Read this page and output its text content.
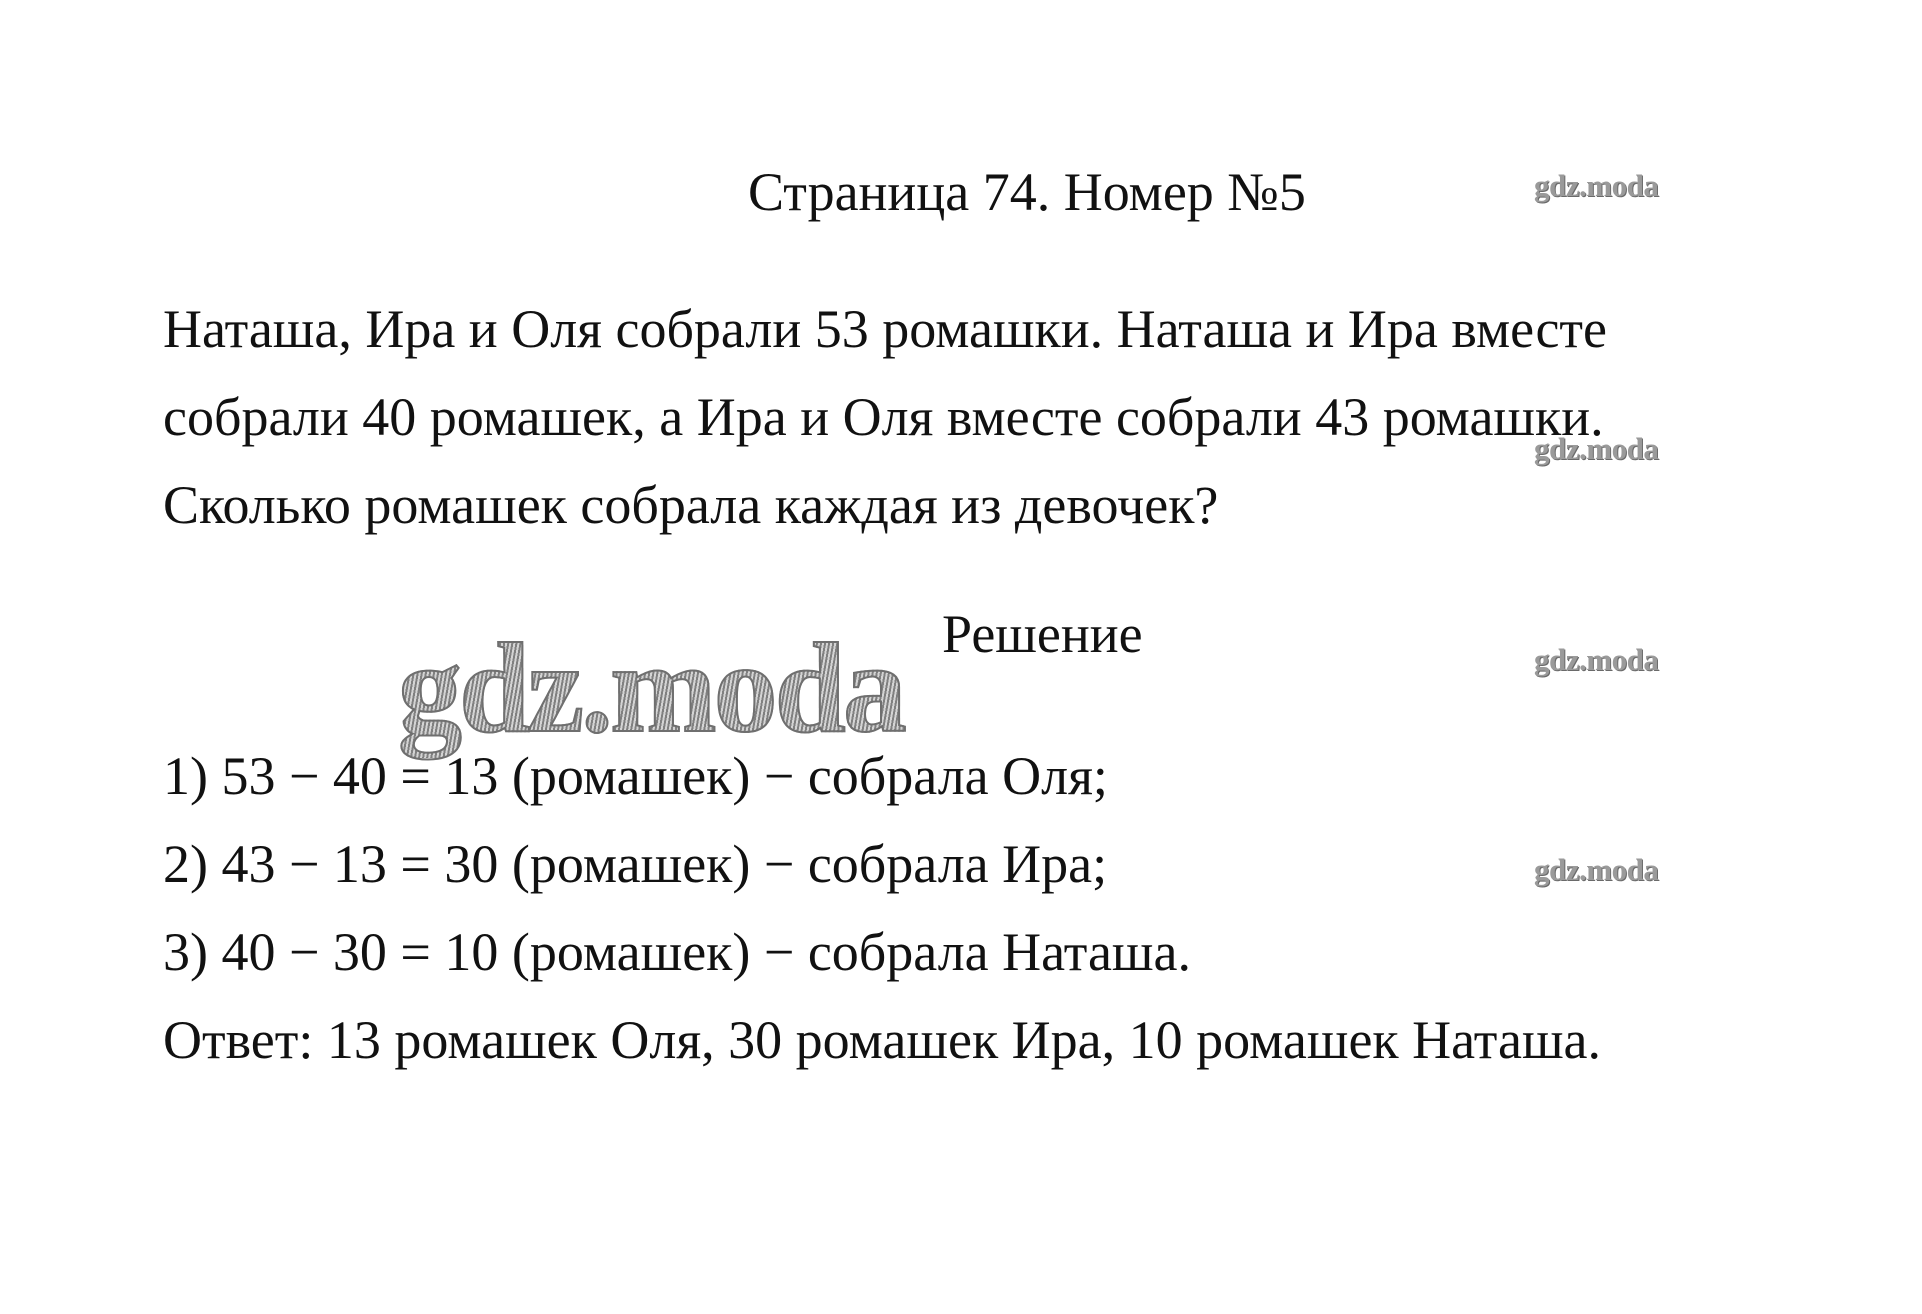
Страница 74. Номер №5	gdz.moda
Наташа, Ира и Оля собрали 53 ромашки. Наташа и Ира вместе
собрали 40 ромашек, а Ира и Оля вместе собрали 43 ромашки.
Сколько ромашек собрала каждая из девочек?
gdz.moda
gdz.moda Решение	gdz.moda
1) 53 − 40 = 13 (ромашек) − собрала Оля;
2) 43 − 13 = 30 (ромашек) − собрала Ира;
3) 40 − 30 = 10 (ромашек) − собрала Наташа.
Ответ: 13 ромашек Оля, 30 ромашек Ира, 10 ромашек Наташа.
gdz.moda
